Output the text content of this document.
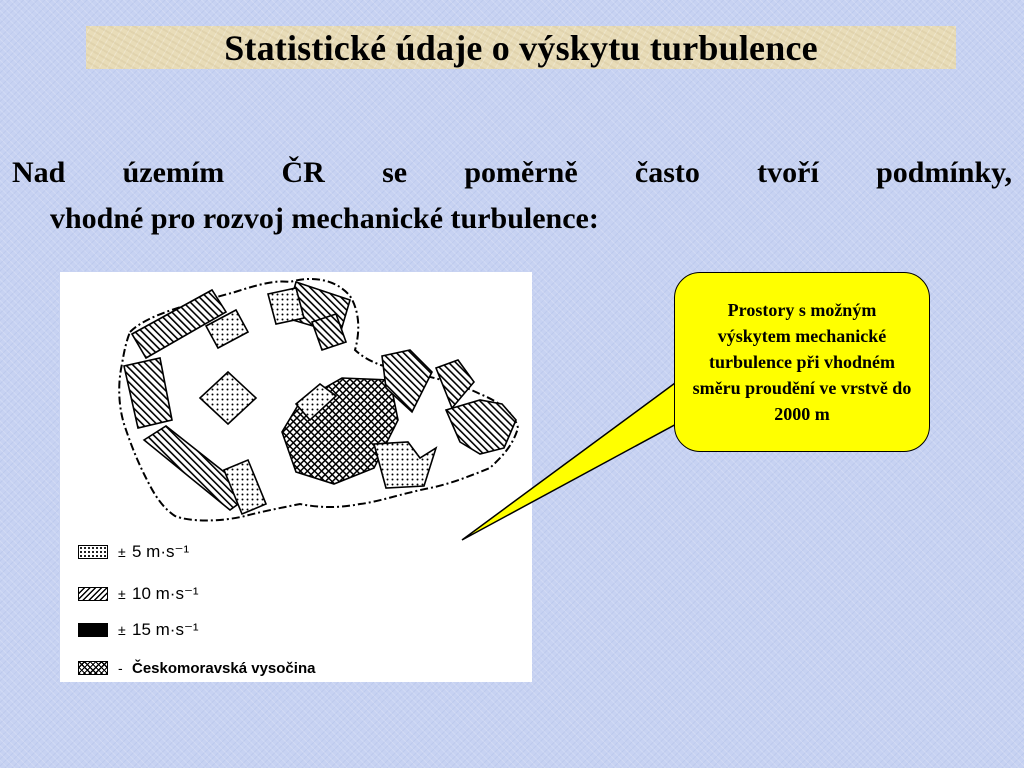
Statistické údaje o výskytu turbulence
Nad územím ČR se poměrně často tvoří podmínky,
vhodné pro rozvoj mechanické turbulence:
± 5 m·s⁻¹
± 10 m·s⁻¹
± 15 m·s⁻¹
- Českomoravská vysočina
Prostory s možným výskytem mechanické turbulence při vhodném směru proudění ve vrstvě do 2000 m
